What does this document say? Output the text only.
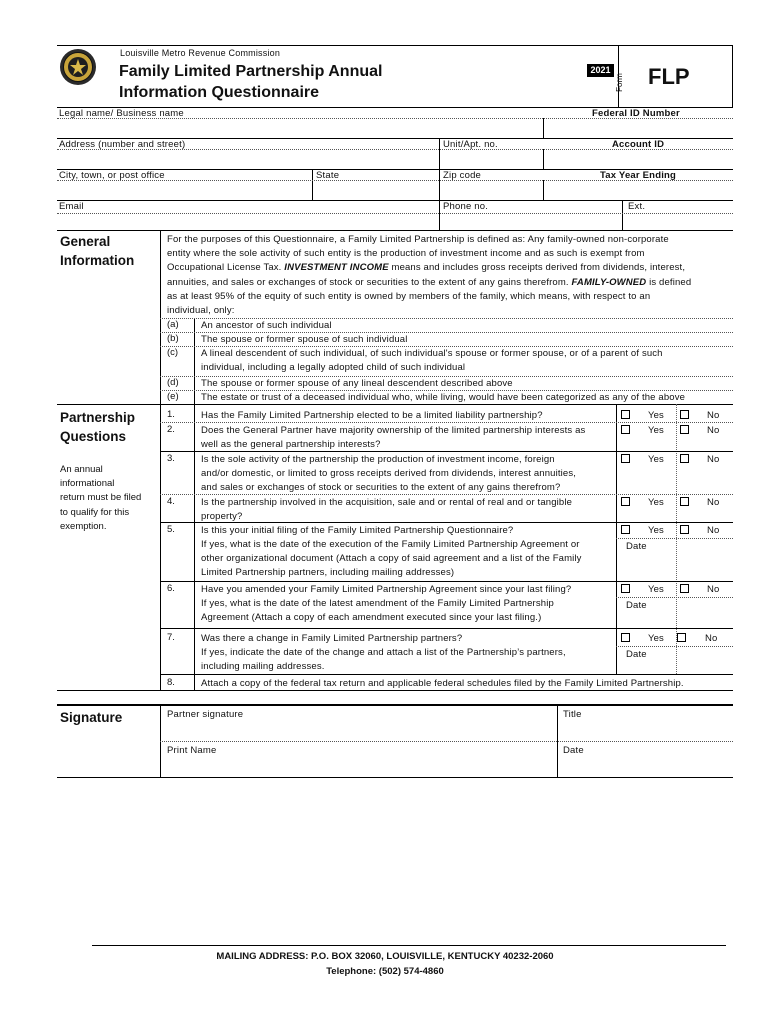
Louisville Metro Revenue Commission
Family Limited Partnership Annual
Information Questionnaire
2021
Form FLP
Legal name/ Business name	Federal ID Number
Address (number and street)	Unit/Apt. no.	Account ID
City, town, or post office	State	Zip code	Tax Year Ending
Email	Phone no.	Ext.
General
Information
For the purposes of this Questionnaire, a Family Limited Partnership is defined as: Any family-owned non-corporate
entity where the sole activity of such entity is the production of investment income and as such is exempt from
Occupational License Tax. INVESTMENT INCOME means and includes gross receipts derived from dividends, interest,
annuities, and sales or exchanges of stock or securities to the extent of any gains therefrom. FAMILY-OWNED is defined
as at least 95% of the equity of such entity is owned by members of the family, which means, with respect to an
individual, only:
(a) An ancestor of such individual
(b) The spouse or former spouse of such individual
(c)	A lineal descendent of such individual, of such individual's spouse or former spouse, or of a parent of such
individual, including a legally adopted child of such individual
(d) The spouse or former spouse of any lineal descendent described above
(e) The estate or trust of a deceased individual who, while living, would have been categorized as any of the above
Partnership
Questions
An annual
informational
return must be filed
to qualify for this
exemption.
1.	Has the Family Limited Partnership elected to be a limited liability partnership?	Yes	No
2.	Does the General Partner have majority ownership of the limited partnership interests as
well as the general partnership interests?
Yes	No
3.	Is the sole activity of the partnership the production of investment income, foreign
and/or domestic, or limited to gross receipts derived from dividends, interest annuities,
and sales or exchanges of stock or securities to the extent of any gains therefrom?
Yes	No
4.	Is the partnership involved in the acquisition, sale and or rental of real and or tangible
property?
Yes	No
5.	Is this your initial filing of the Family Limited Partnership Questionnaire?
If yes, what is the date of the execution of the Family Limited Partnership Agreement or
other organizational document (Attach a copy of said agreement and a list of the Family
Limited Partnership partners, including mailing addresses)
Yes	No
Date
6.	Have you amended your Family Limited Partnership Agreement since your last filing?
If yes, what is the date of the latest amendment of the Family Limited Partnership
Agreement (Attach a copy of each amendment executed since your last filing.)
Yes	No
Date
7.	Was there a change in Family Limited Partnership partners?
If yes, indicate the date of the change and attach a list of the Partnership’s partners,
including mailing addresses.
Yes	No
Date
8.	Attach a copy of the federal tax return and applicable federal schedules filed by the Family Limited Partnership.
Signature	Partner signature	Title
Print Name	Date
MAILING ADDRESS: P.O. BOX 32060, LOUISVILLE, KENTUCKY 40232-2060
Telephone: (502) 574-4860
